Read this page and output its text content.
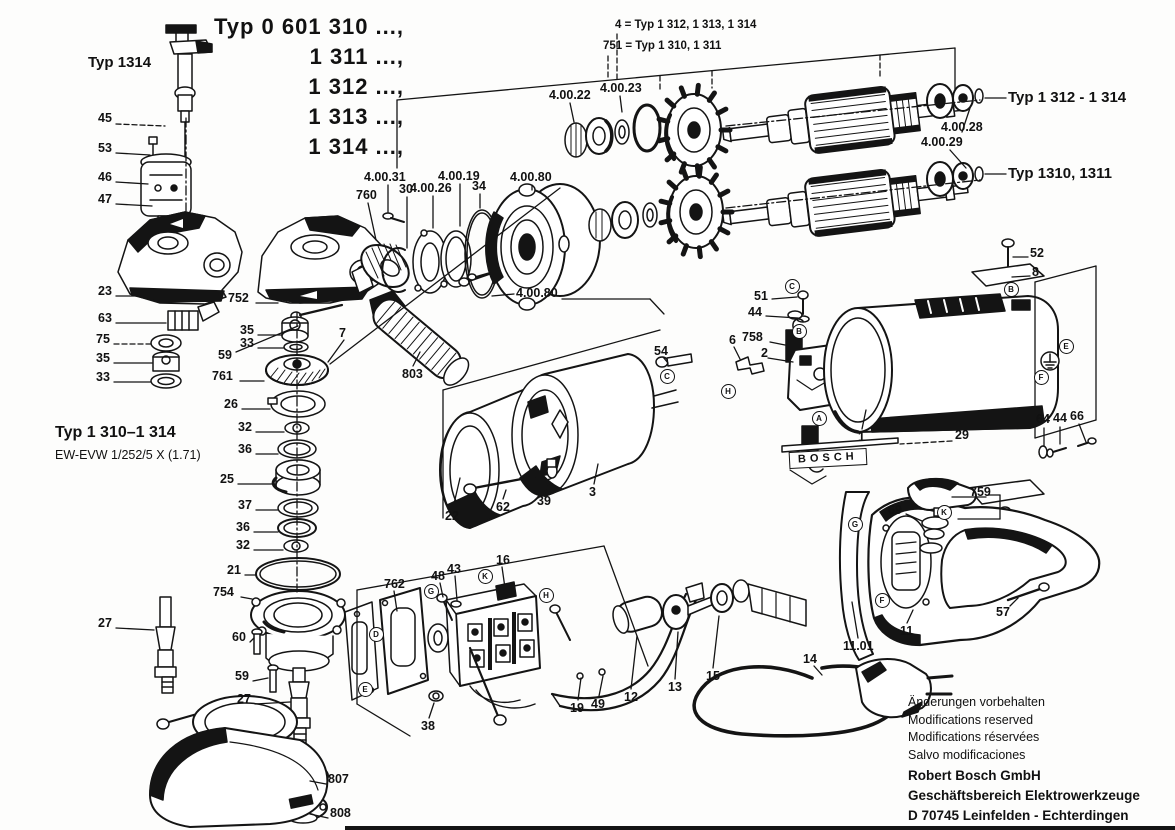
Typ 0 601 310 ...,
1 311 ...,
1 312 ...,
1 313 ...,
1 314 ...,
Typ 1314
4 = Typ 1 312, 1 313, 1 314
751 = Typ 1 310, 1 311
Typ 1 312 - 1 314
Typ 1310, 1311
Typ 1 310–1 314
EW-EVW 1/252/5 X (1.71)	BOSCH
Änderungen vorbehalten
Modifications reserved
Modifications réservées
Salvo modificaciones
Robert Bosch GmbH
Geschäftsbereich Elektrowerkzeuge
D 70745 Leinfelden - Echterdingen
45
53
46
47
23
63
75
35
33
27
752
35
33
59
761
26
32
36
25
37
36
32
21
754
60
59
27
807
808
7
803
760 30
4.00.31
4.00.26
4.00.19
34
4.00.80
4.00.80
4.00.22 4.00.23
4.00.28
4.00.29
54
6 758
2
51
44
1	29
52
8
64 44 66
759
69
57
11
11.01
14
15
13
12
49
19
38
16
43
48
762
22
62 39
3
A
B
B
C
C
D
E
E
F
F
G
G
H
H
K
K
